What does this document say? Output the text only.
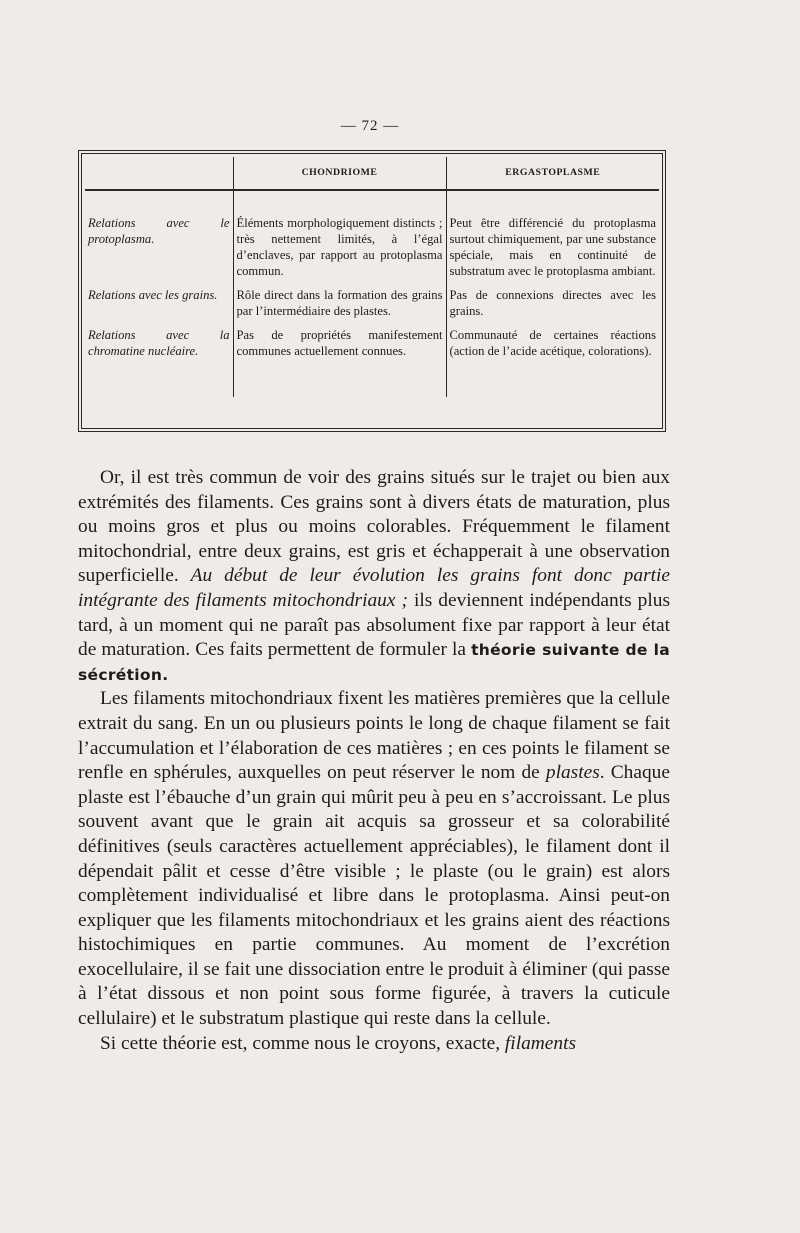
— 72 —
	CHONDRIOME	ERGASTOPLASME
Relations avec le protoplasma.	Éléments morphologiquement distincts ; très nettement limités, à l’égal d’enclaves, par rapport au protoplasma commun.	Peut être différencié du protoplasma surtout chimiquement, par une substance spéciale, mais en continuité de substratum avec le protoplasma ambiant.
Relations avec les grains.	Rôle direct dans la formation des grains par l’intermédiaire des plastes.	Pas de connexions directes avec les grains.
Relations avec la chromatine nucléaire.	Pas de propriétés manifestement communes actuellement connues.	Communauté de certaines réactions (action de l’acide acétique, colorations).

Or, il est très commun de voir des grains situés sur le trajet ou bien aux extrémités des filaments. Ces grains sont à divers états de maturation, plus ou moins gros et plus ou moins colorables. Fréquemment le filament mitochondrial, entre deux grains, est gris et échapperait à une observation superficielle. Au début de leur évolution les grains font donc partie intégrante des filaments mitochondriaux ; ils deviennent indépendants plus tard, à un moment qui ne paraît pas absolument fixe par rapport à leur état de maturation. Ces faits permettent de formuler la théorie suivante de la sécrétion.

Les filaments mitochondriaux fixent les matières premières que la cellule extrait du sang. En un ou plusieurs points le long de chaque filament se fait l’accumulation et l’élaboration de ces matières ; en ces points le filament se renfle en sphérules, auxquelles on peut réserver le nom de plastes. Chaque plaste est l’ébauche d’un grain qui mûrit peu à peu en s’accroissant. Le plus souvent avant que le grain ait acquis sa grosseur et sa colorabilité définitives (seuls caractères actuellement appréciables), le filament dont il dépendait pâlit et cesse d’être visible ; le plaste (ou le grain) est alors complètement individualisé et libre dans le protoplasma. Ainsi peut-on expliquer que les filaments mitochondriaux et les grains aient des réactions histochimiques en partie communes. Au moment de l’excrétion exocellulaire, il se fait une dissociation entre le produit à éliminer (qui passe à l’état dissous et non point sous forme figurée, à travers la cuticule cellulaire) et le substratum plastique qui reste dans la cellule.

Si cette théorie est, comme nous le croyons, exacte, filaments
